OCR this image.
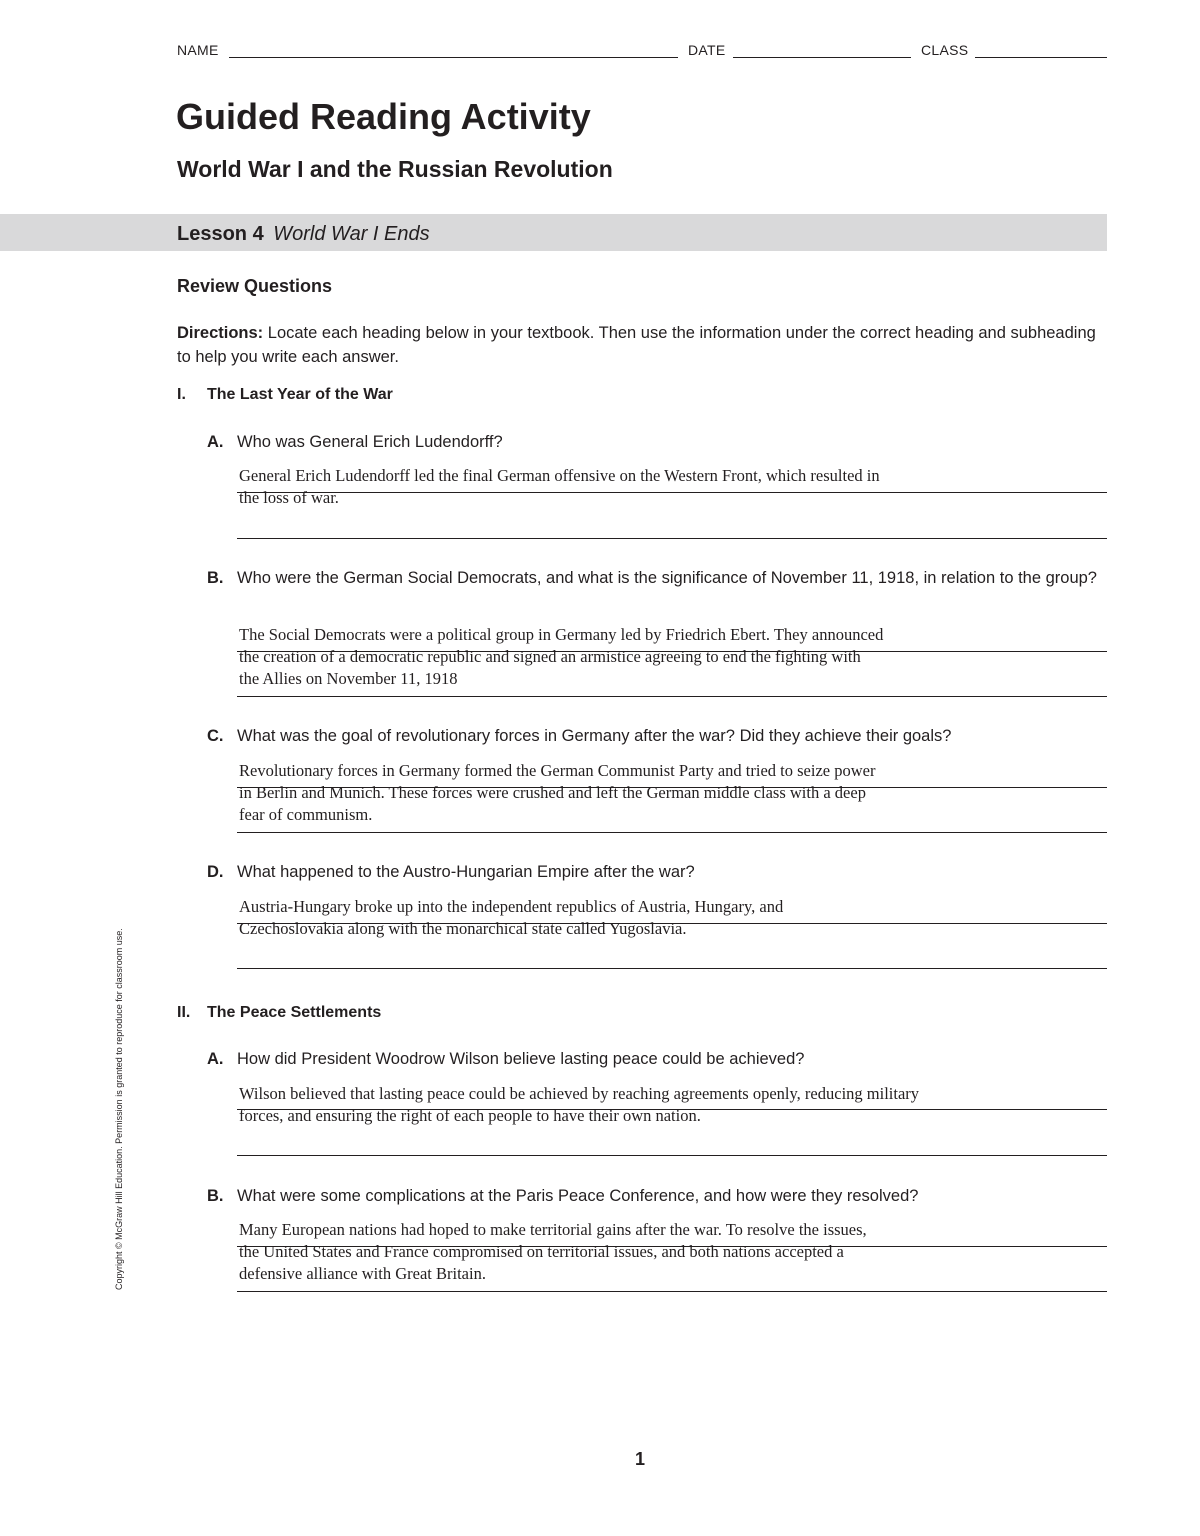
NAME	DATE	CLASS
Guided Reading Activity
World War I and the Russian Revolution
Lesson 4 World War I Ends
Review Questions
Directions: Locate each heading below in your textbook. Then use the information under the correct heading and subheading to help you write each answer.
I. The Last Year of the War
A. Who was General Erich Ludendorff?
General Erich Ludendorff led the final German offensive on the Western Front, which resulted in
the loss of war.
B. Who were the German Social Democrats, and what is the significance of November 11, 1918, in relation to the group?
The Social Democrats were a political group in Germany led by Friedrich Ebert. They announced
the creation of a democratic republic and signed an armistice agreeing to end the fighting with
the Allies on November 11, 1918
C. What was the goal of revolutionary forces in Germany after the war? Did they achieve their goals?
Revolutionary forces in Germany formed the German Communist Party and tried to seize power
in Berlin and Munich. These forces were crushed and left the German middle class with a deep
fear of communism.
D. What happened to the Austro-Hungarian Empire after the war?
Austria-Hungary broke up into the independent republics of Austria, Hungary, and
Czechoslovakia along with the monarchical state called Yugoslavia.
II. The Peace Settlements
A. How did President Woodrow Wilson believe lasting peace could be achieved?
Wilson believed that lasting peace could be achieved by reaching agreements openly, reducing military
forces, and ensuring the right of each people to have their own nation.
B. What were some complications at the Paris Peace Conference, and how were they resolved?
Many European nations had hoped to make territorial gains after the war. To resolve the issues,
the United States and France compromised on territorial issues, and both nations accepted a
defensive alliance with Great Britain.
Copyright © McGraw Hill Education. Permission is granted to reproduce for classroom use.
1
